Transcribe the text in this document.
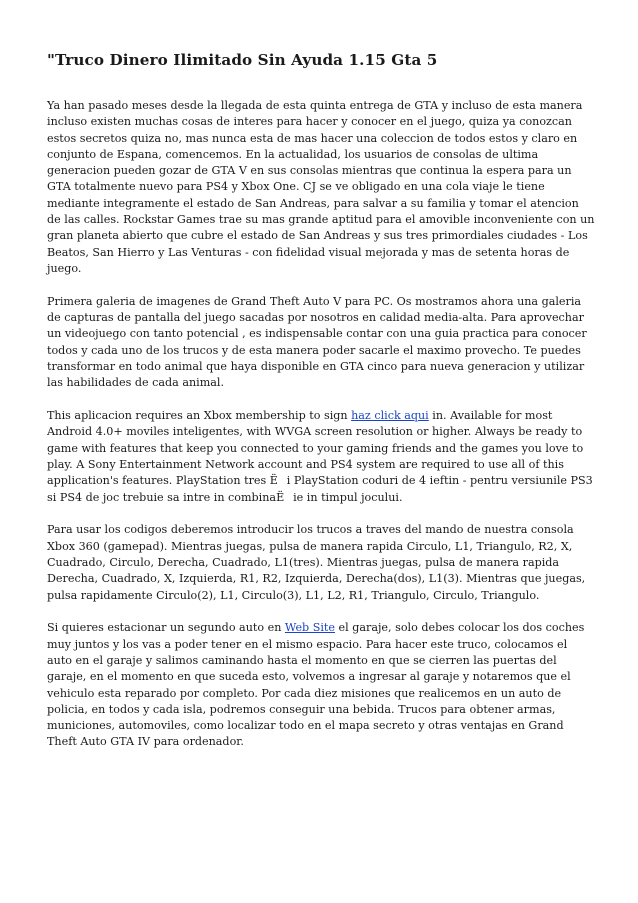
"Truco Dinero Ilimitado Sin Ayuda 1.15 Gta 5

Ya han pasado meses desde la llegada de esta quinta entrega de GTA y incluso de esta manera incluso existen muchas cosas de interes para hacer y conocer en el juego, quiza ya conozcan estos secretos quiza no, mas nunca esta de mas hacer una coleccion de todos estos y claro en conjunto de Espana, comencemos. En la actualidad, los usuarios de consolas de ultima generacion pueden gozar de GTA V en sus consolas mientras que continua la espera para un GTA totalmente nuevo para PS4 y Xbox One. CJ se ve obligado en una cola viaje le tiene mediante integramente el estado de San Andreas, para salvar a su familia y tomar el atencion de las calles. Rockstar Games trae su mas grande aptitud para el amovible inconveniente con un gran planeta abierto que cubre el estado de San Andreas y sus tres primordiales ciudades - Los Beatos, San Hierro y Las Venturas - con fidelidad visual mejorada y mas de setenta horas de juego.

Primera galeria de imagenes de Grand Theft Auto V para PC. Os mostramos ahora una galeria de capturas de pantalla del juego sacadas por nosotros en calidad media-alta. Para aprovechar un videojuego con tanto potencial , es indispensable contar con una guia practica para conocer todos y cada uno de los trucos y de esta manera poder sacarle el maximo provecho. Te puedes transformar en todo animal que haya disponible en GTA cinco para nueva generacion y utilizar las habilidades de cada animal.

This aplicacion requires an Xbox membership to sign haz click aqui in. Available for most Android 4.0+ moviles inteligentes, with WVGA screen resolution or higher. Always be ready to game with features that keep you connected to your gaming friends and the games you love to play. A Sony Entertainment Network account and PS4 system are required to use all of this application's features. PlayStation tres Ëi PlayStation coduri de 4 ieftin - pentru versiunile PS3 si PS4 de joc trebuie sa intre in combinaËie in timpul jocului.

Para usar los codigos deberemos introducir los trucos a traves del mando de nuestra consola Xbox 360 (gamepad). Mientras juegas, pulsa de manera rapida Circulo, L1, Triangulo, R2, X, Cuadrado, Circulo, Derecha, Cuadrado, L1(tres). Mientras juegas, pulsa de manera rapida Derecha, Cuadrado, X, Izquierda, R1, R2, Izquierda, Derecha(dos), L1(3). Mientras que juegas, pulsa rapidamente Circulo(2), L1, Circulo(3), L1, L2, R1, Triangulo, Circulo, Triangulo.

Si quieres estacionar un segundo auto en Web Site el garaje, solo debes colocar los dos coches muy juntos y los vas a poder tener en el mismo espacio. Para hacer este truco, colocamos el auto en el garaje y salimos caminando hasta el momento en que se cierren las puertas del garaje, en el momento en que suceda esto, volvemos a ingresar al garaje y notaremos que el vehiculo esta reparado por completo. Por cada diez misiones que realicemos en un auto de policia, en todos y cada isla, podremos conseguir una bebida. Trucos para obtener armas, municiones, automoviles, como localizar todo en el mapa secreto y otras ventajas en Grand Theft Auto GTA IV para ordenador.
